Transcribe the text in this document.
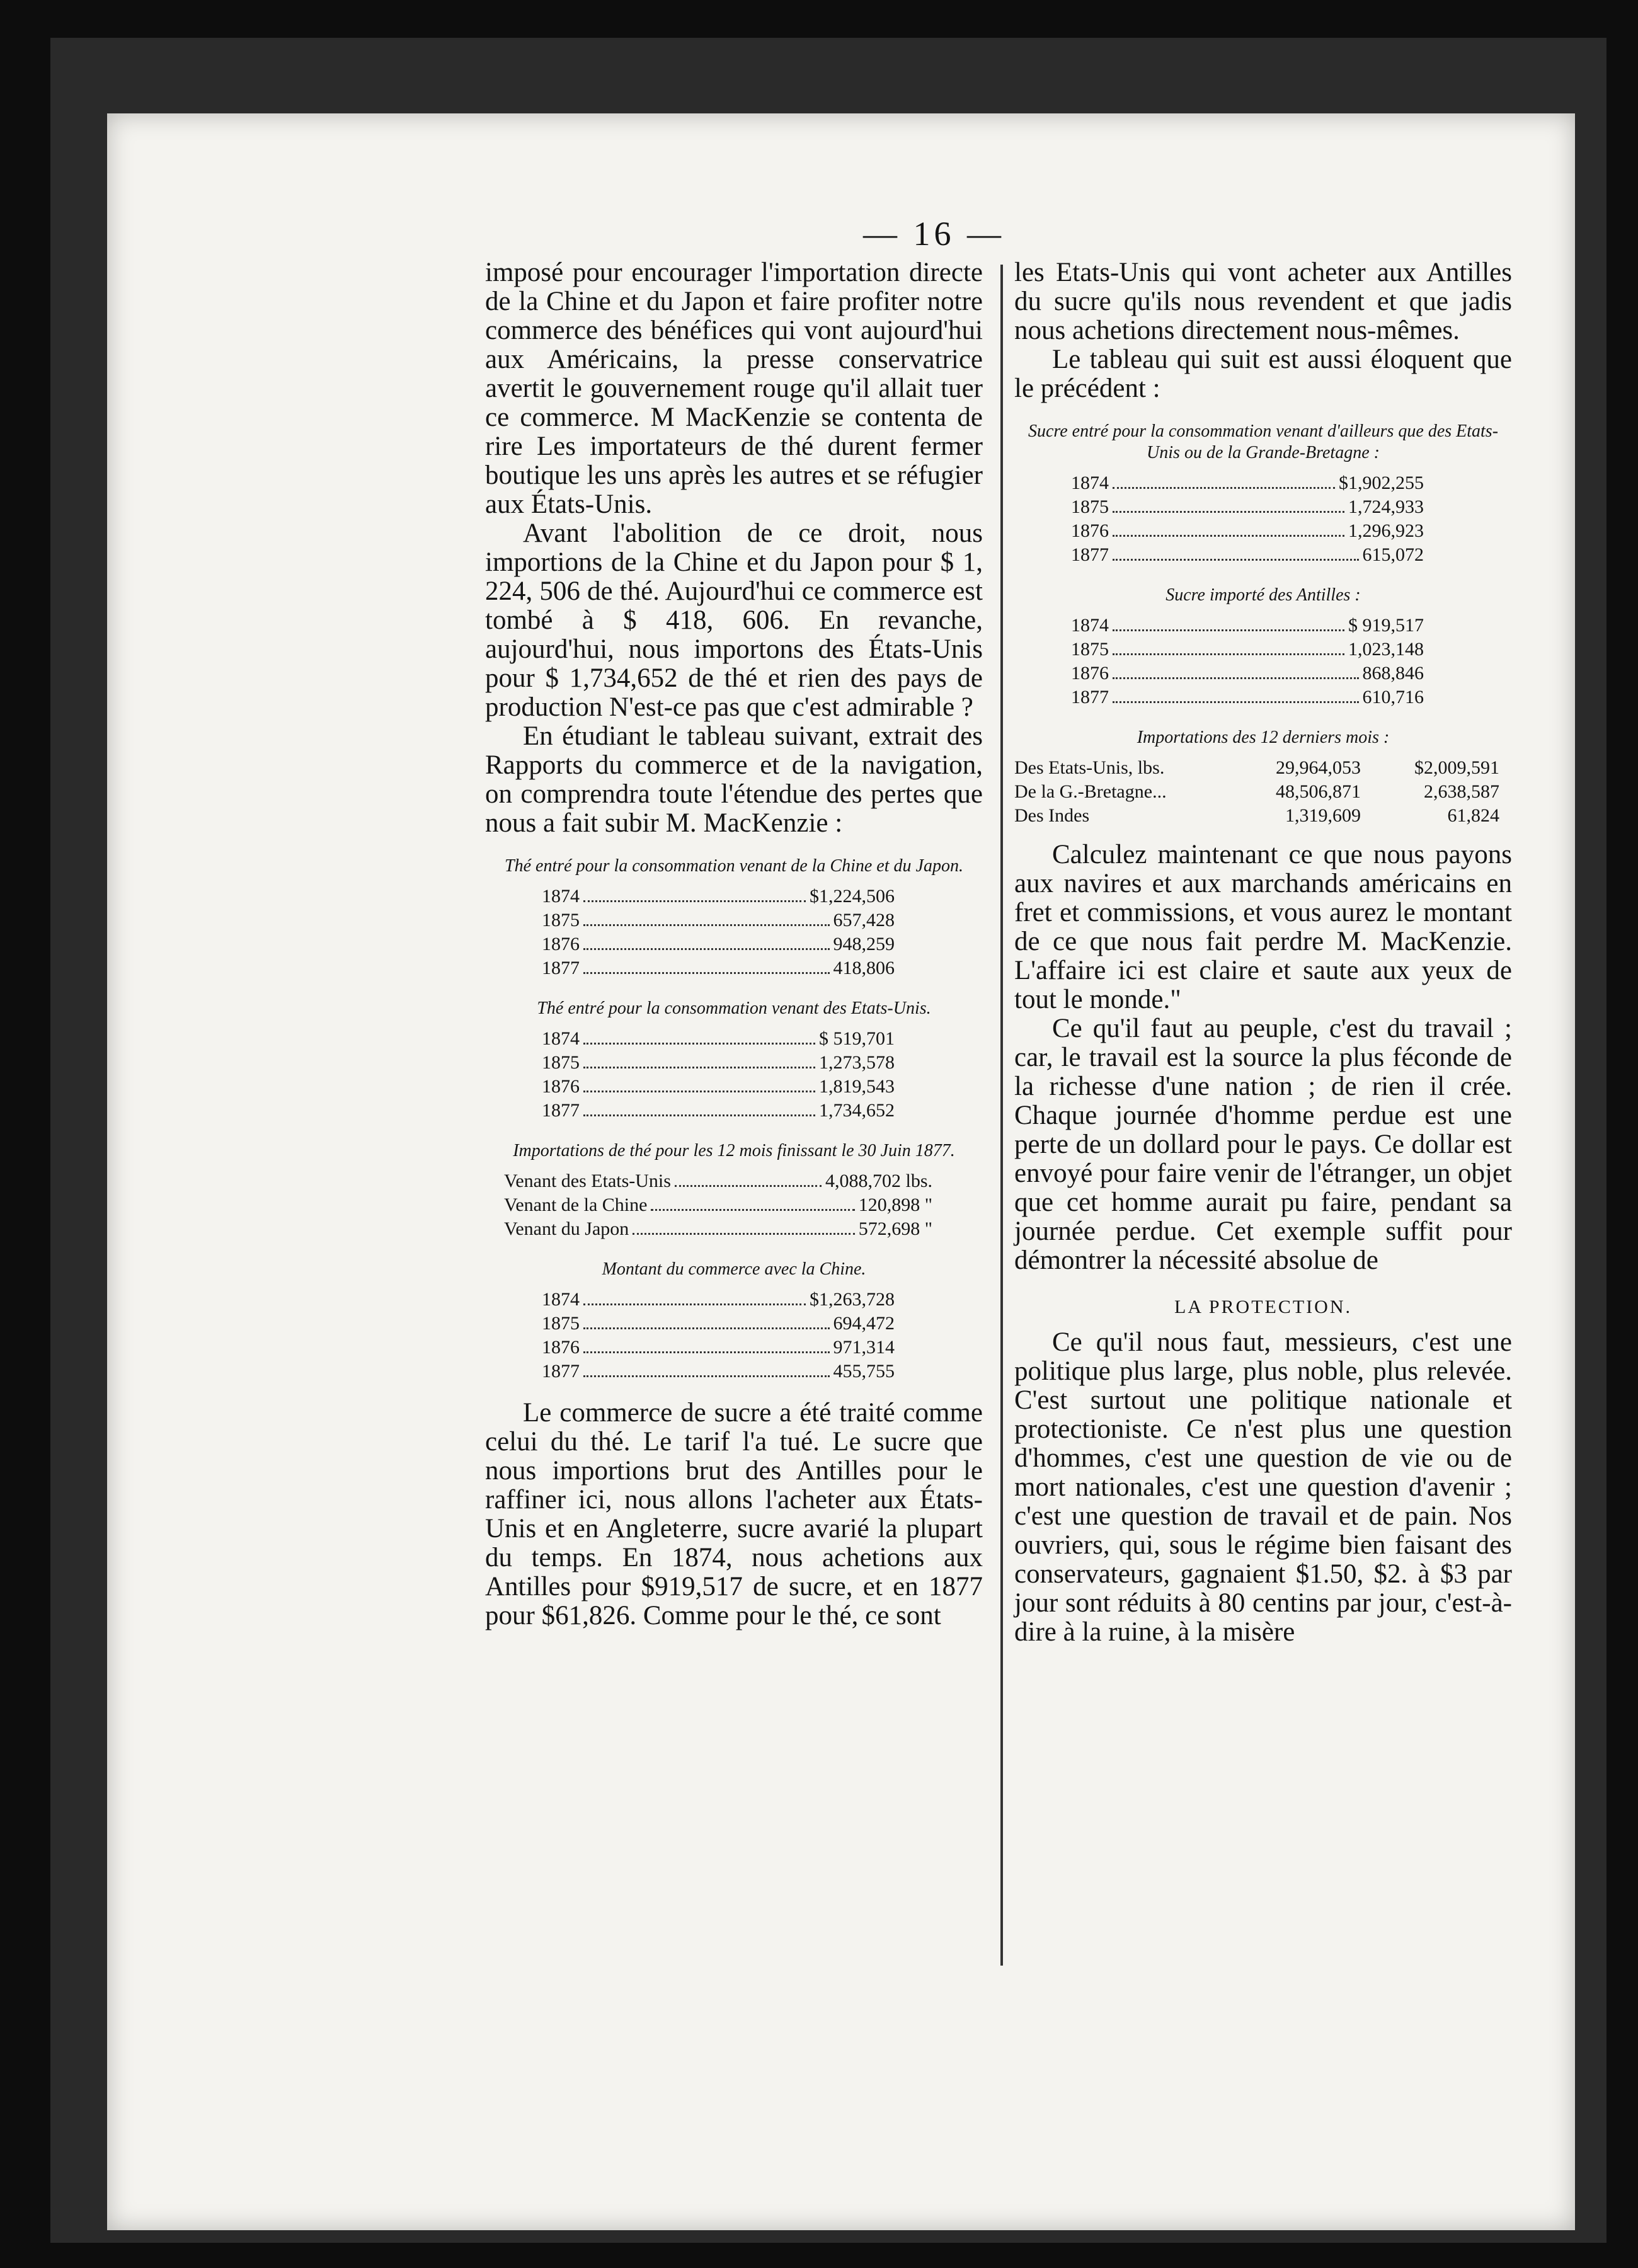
— 16 —

imposé pour encourager l'importation directe de la Chine et du Japon et faire profiter notre commerce des bénéfices qui vont aujourd'hui aux Américains, la presse conservatrice avertit le gouvernement rouge qu'il allait tuer ce commerce. M MacKenzie se contenta de rire Les importateurs de thé durent fermer boutique les uns après les autres et se réfugier aux États-Unis.

Avant l'abolition de ce droit, nous importions de la Chine et du Japon pour $ 1, 224, 506 de thé. Aujourd'hui ce commerce est tombé à $ 418, 606. En revanche, aujourd'hui, nous importons des États-Unis pour $ 1,734,652 de thé et rien des pays de production N'est-ce pas que c'est admirable ?

En étudiant le tableau suivant, extrait des Rapports du commerce et de la navigation, on comprendra toute l'étendue des pertes que nous a fait subir M. MacKenzie :

Thé entré pour la consommation venant de la Chine et du Japon.
1874	$1,224,506
1875	657,428
1876	948,259
1877	418,806
Thé entré pour la consommation venant des Etats-Unis.
1874	$ 519,701
1875	1,273,578
1876	1,819,543
1877	1,734,652
Importations de thé pour les 12 mois finissant le 30 Juin 1877.
Venant des Etats-Unis	4,088,702 lbs.
Venant de la Chine	120,898 "
Venant du Japon	572,698 "
Montant du commerce avec la Chine.
1874	$1,263,728
1875	694,472
1876	971,314
1877	455,755

Le commerce de sucre a été traité comme celui du thé. Le tarif l'a tué. Le sucre que nous importions brut des Antilles pour le raffiner ici, nous allons l'acheter aux États-Unis et en Angleterre, sucre avarié la plupart du temps. En 1874, nous achetions aux Antilles pour $919,517 de sucre, et en 1877 pour $61,826. Comme pour le thé, ce sont

les Etats-Unis qui vont acheter aux Antilles du sucre qu'ils nous revendent et que jadis nous achetions directement nous-mêmes.

Le tableau qui suit est aussi éloquent que le précédent :

Sucre entré pour la consommation venant d'ailleurs que des Etats-Unis ou de la Grande-Bretagne :
1874	$1,902,255
1875	1,724,933
1876	1,296,923
1877	615,072
Sucre importé des Antilles :
1874	$ 919,517
1875	1,023,148
1876	868,846
1877	610,716
Importations des 12 derniers mois :
Des Etats-Unis, lbs.	29,964,053	$2,009,591
De la G.-Bretagne...	48,506,871	2,638,587
Des Indes	1,319,609	61,824

Calculez maintenant ce que nous payons aux navires et aux marchands américains en fret et commissions, et vous aurez le montant de ce que nous fait perdre M. MacKenzie. L'affaire ici est claire et saute aux yeux de tout le monde."

Ce qu'il faut au peuple, c'est du travail ; car, le travail est la source la plus féconde de la richesse d'une nation ; de rien il crée. Chaque journée d'homme perdue est une perte de un dollard pour le pays. Ce dollar est envoyé pour faire venir de l'étranger, un objet que cet homme aurait pu faire, pendant sa journée perdue. Cet exemple suffit pour démontrer la nécessité absolue de

LA PROTECTION.

Ce qu'il nous faut, messieurs, c'est une politique plus large, plus noble, plus relevée. C'est surtout une politique nationale et protectioniste. Ce n'est plus une question d'hommes, c'est une question de vie ou de mort nationales, c'est une question d'avenir ; c'est une question de travail et de pain. Nos ouvriers, qui, sous le régime bien faisant des conservateurs, gagnaient $1.50, $2. à $3 par jour sont réduits à 80 centins par jour, c'est-à-dire à la ruine, à la misère
